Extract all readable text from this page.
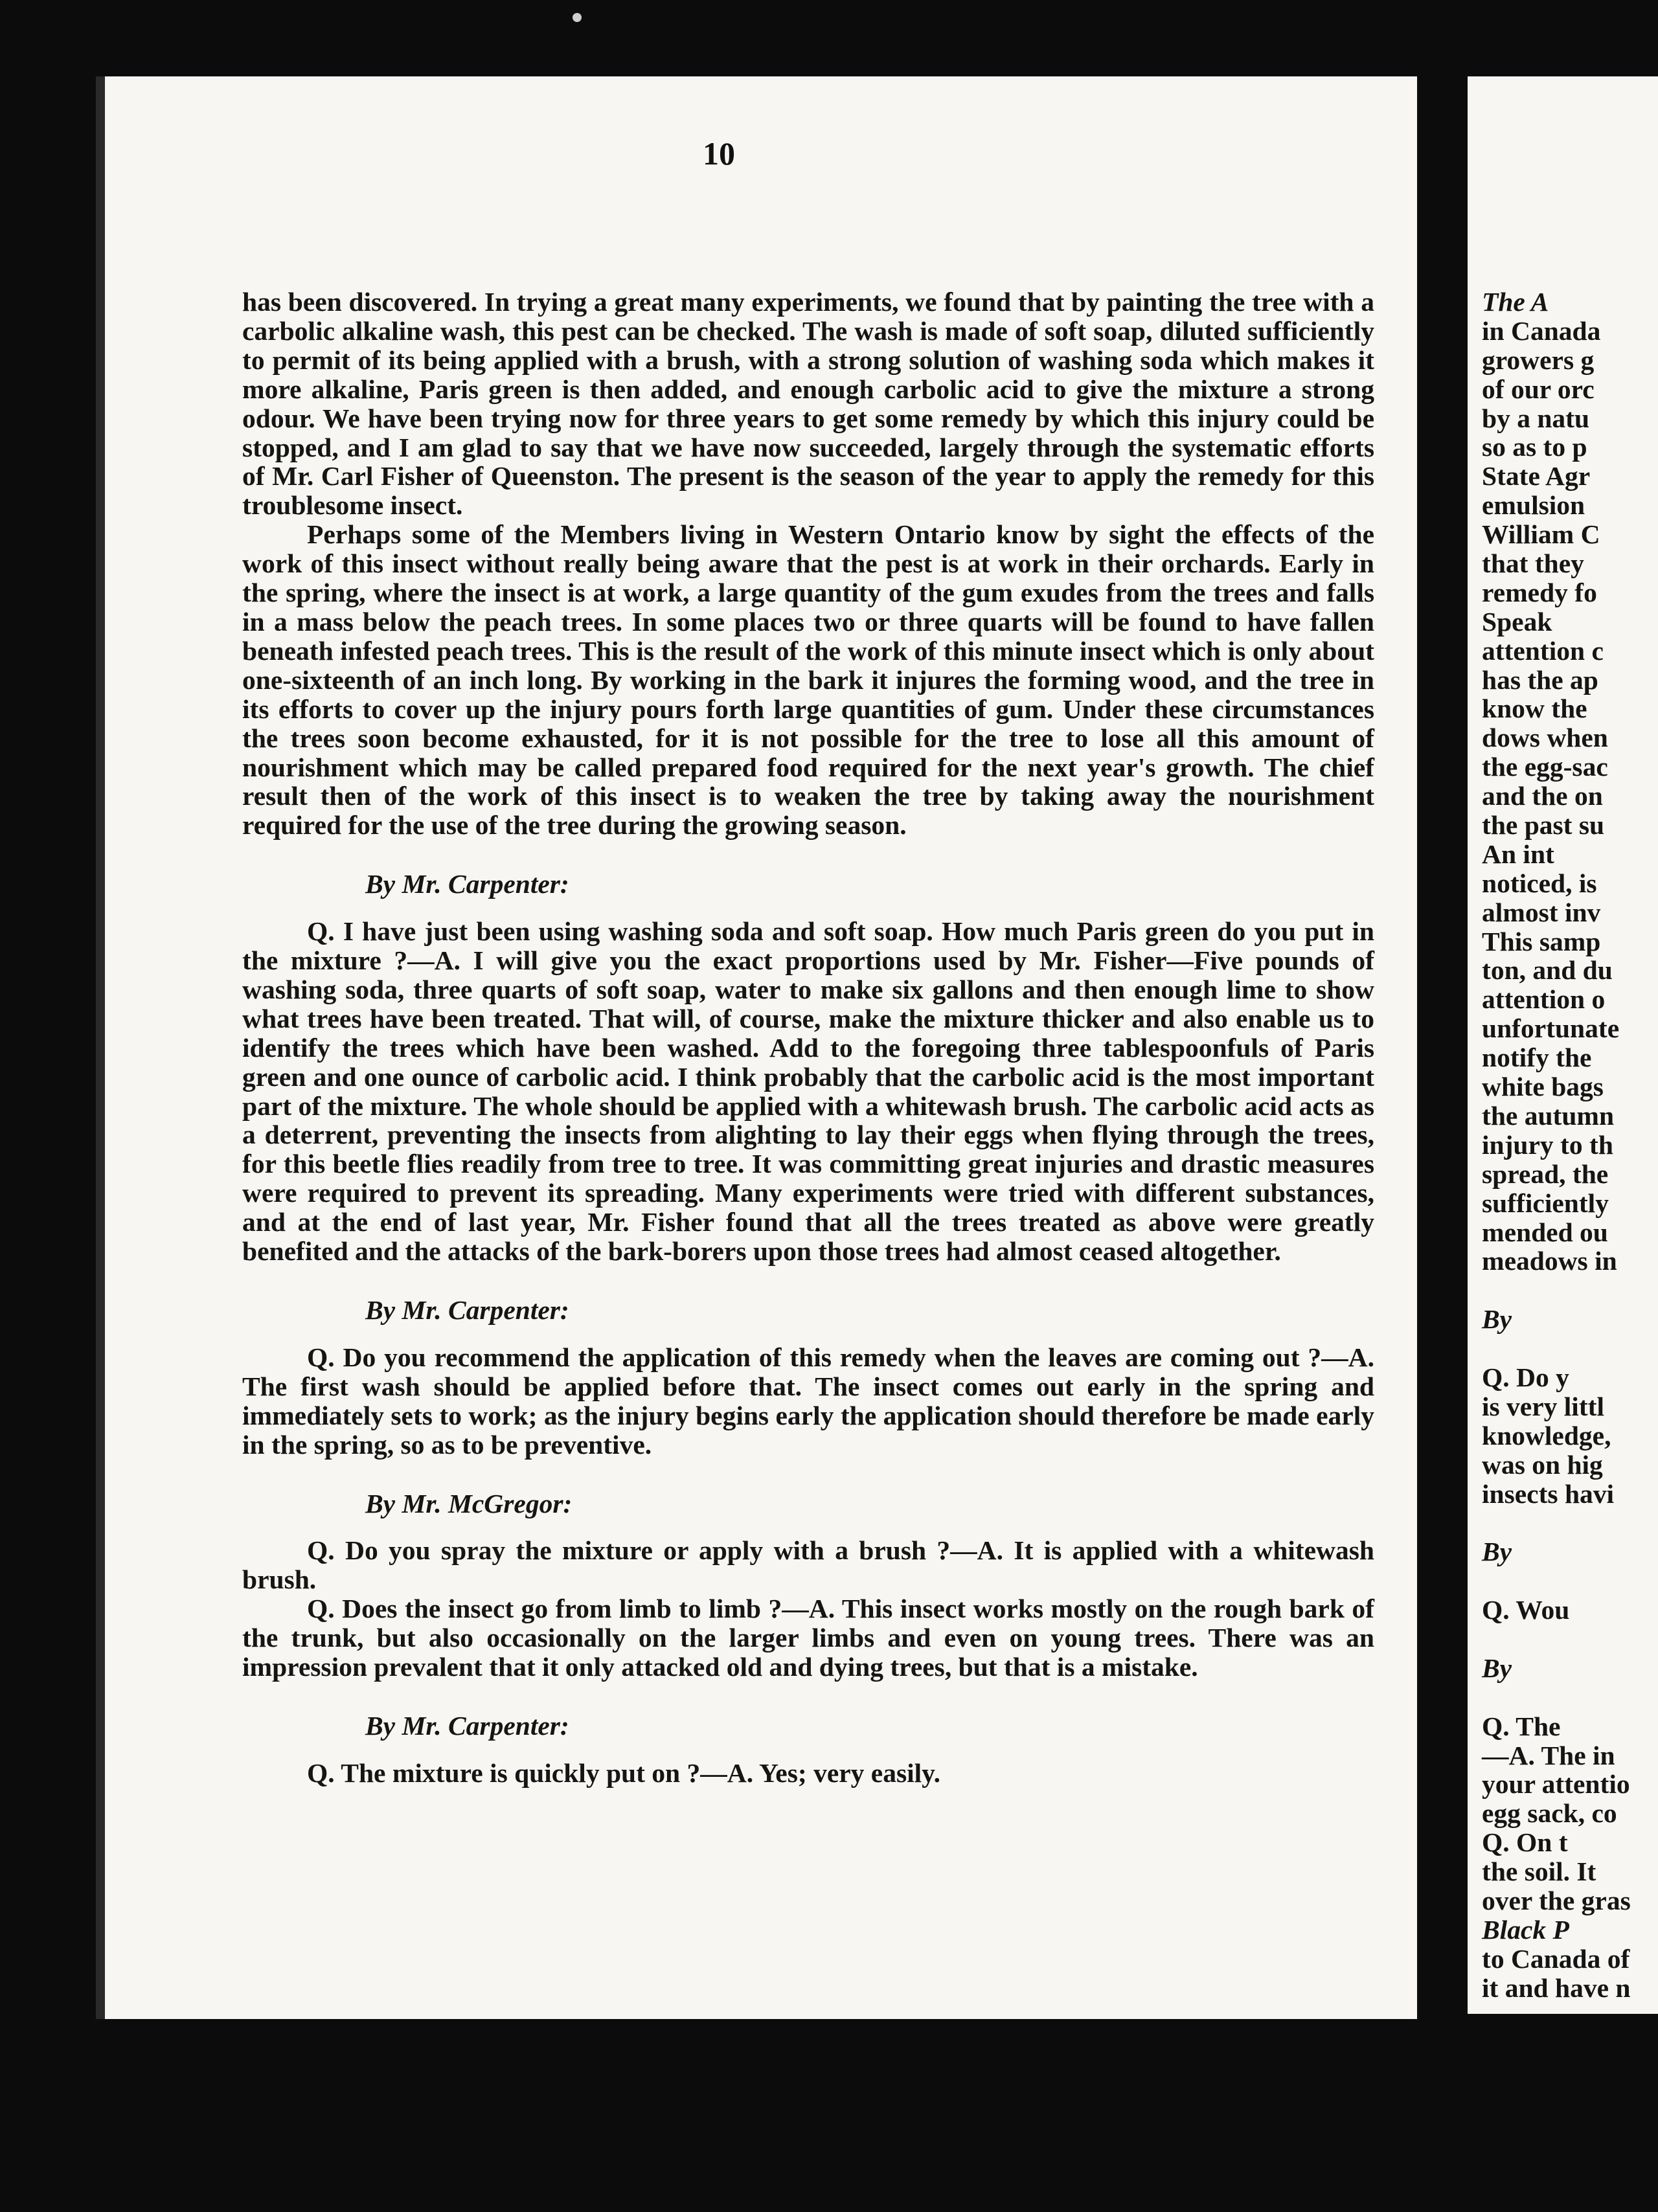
10

has been discovered. In trying a great many experiments, we found that by painting the tree with a carbolic alkaline wash, this pest can be checked. The wash is made of soft soap, diluted sufficiently to permit of its being applied with a brush, with a strong solution of washing soda which makes it more alkaline, Paris green is then added, and enough carbolic acid to give the mixture a strong odour. We have been trying now for three years to get some remedy by which this injury could be stopped, and I am glad to say that we have now succeeded, largely through the systematic efforts of Mr. Carl Fisher of Queenston. The present is the season of the year to apply the remedy for this troublesome insect.

Perhaps some of the Members living in Western Ontario know by sight the effects of the work of this insect without really being aware that the pest is at work in their orchards. Early in the spring, where the insect is at work, a large quantity of the gum exudes from the trees and falls in a mass below the peach trees. In some places two or three quarts will be found to have fallen beneath infested peach trees. This is the result of the work of this minute insect which is only about one-sixteenth of an inch long. By working in the bark it injures the forming wood, and the tree in its efforts to cover up the injury pours forth large quantities of gum. Under these circumstances the trees soon become exhausted, for it is not possible for the tree to lose all this amount of nourishment which may be called prepared food required for the next year's growth. The chief result then of the work of this insect is to weaken the tree by taking away the nourishment required for the use of the tree during the growing season.

By Mr. Carpenter:

Q. I have just been using washing soda and soft soap. How much Paris green do you put in the mixture ?—A. I will give you the exact proportions used by Mr. Fisher—Five pounds of washing soda, three quarts of soft soap, water to make six gallons and then enough lime to show what trees have been treated. That will, of course, make the mixture thicker and also enable us to identify the trees which have been washed. Add to the foregoing three tablespoonfuls of Paris green and one ounce of carbolic acid. I think probably that the carbolic acid is the most important part of the mixture. The whole should be applied with a whitewash brush. The carbolic acid acts as a deterrent, preventing the insects from alighting to lay their eggs when flying through the trees, for this beetle flies readily from tree to tree. It was committing great injuries and drastic measures were required to prevent its spreading. Many experiments were tried with different substances, and at the end of last year, Mr. Fisher found that all the trees treated as above were greatly benefited and the attacks of the bark-borers upon those trees had almost ceased altogether.

By Mr. Carpenter:

Q. Do you recommend the application of this remedy when the leaves are coming out ?—A. The first wash should be applied before that. The insect comes out early in the spring and immediately sets to work; as the injury begins early the application should therefore be made early in the spring, so as to be preventive.

By Mr. McGregor:

Q. Do you spray the mixture or apply with a brush ?—A. It is applied with a whitewash brush.

Q. Does the insect go from limb to limb ?—A. This insect works mostly on the rough bark of the trunk, but also occasionally on the larger limbs and even on young trees. There was an impression prevalent that it only attacked old and dying trees, but that is a mistake.

By Mr. Carpenter:

Q. The mixture is quickly put on ?—A. Yes; very easily.

The A
in Canada
growers g
of our orc
by a natu
so as to p
State Agr
emulsion
William C
that they
remedy fo
Speak
attention c
has the ap
know the
dows when
the egg-sac
and the on
the past su
An int
noticed, is
almost inv
This samp
ton, and du
attention o
unfortunate
notify the
white bags
the autumn
injury to th
spread, the
sufficiently
mended ou
meadows in
By
Q. Do y
is very littl
knowledge,
was on hig
insects havi
By
Q. Wou
By
Q. The
—A. The in
your attentio
egg sack, co
Q. On t
the soil. It
over the gras
Black P
to Canada of
it and have n
